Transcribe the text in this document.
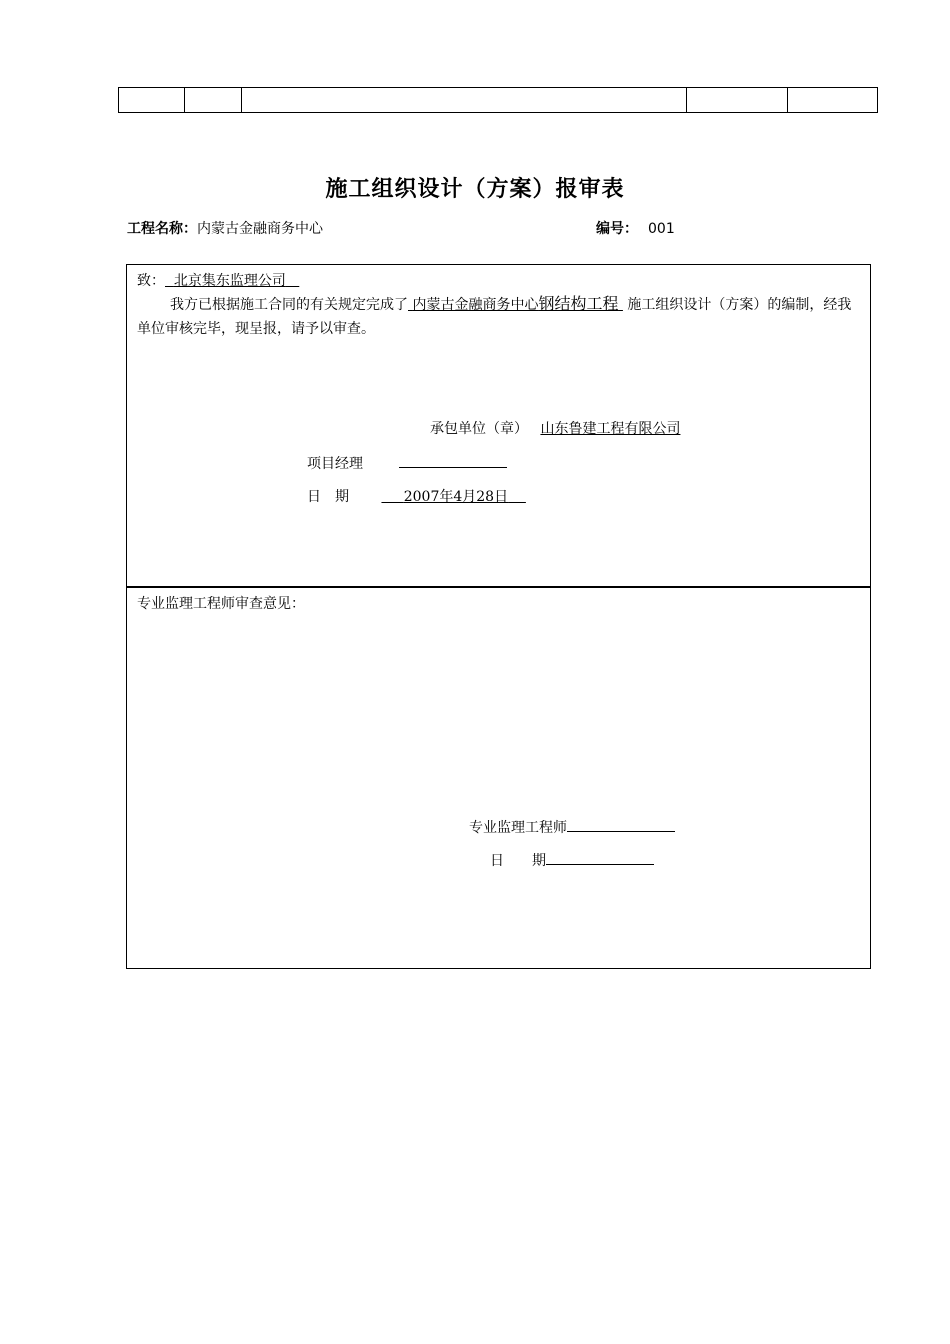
施工组织设计（方案）报审表
工程名称：内蒙古金融商务中心	编号： 001
致： 北京集东监理公司
我方已根据施工合同的有关规定完成了 内蒙古金融商务中心钢结构工程 施工组织设计（方案）的编制，经我单位审核完毕，现呈报，请予以审查。
承包单位（章） 山东鲁建工程有限公司
项目经理
日　期	2007年4月28日
专业监理工程师审查意见：
专业监理工程师
日　　期
